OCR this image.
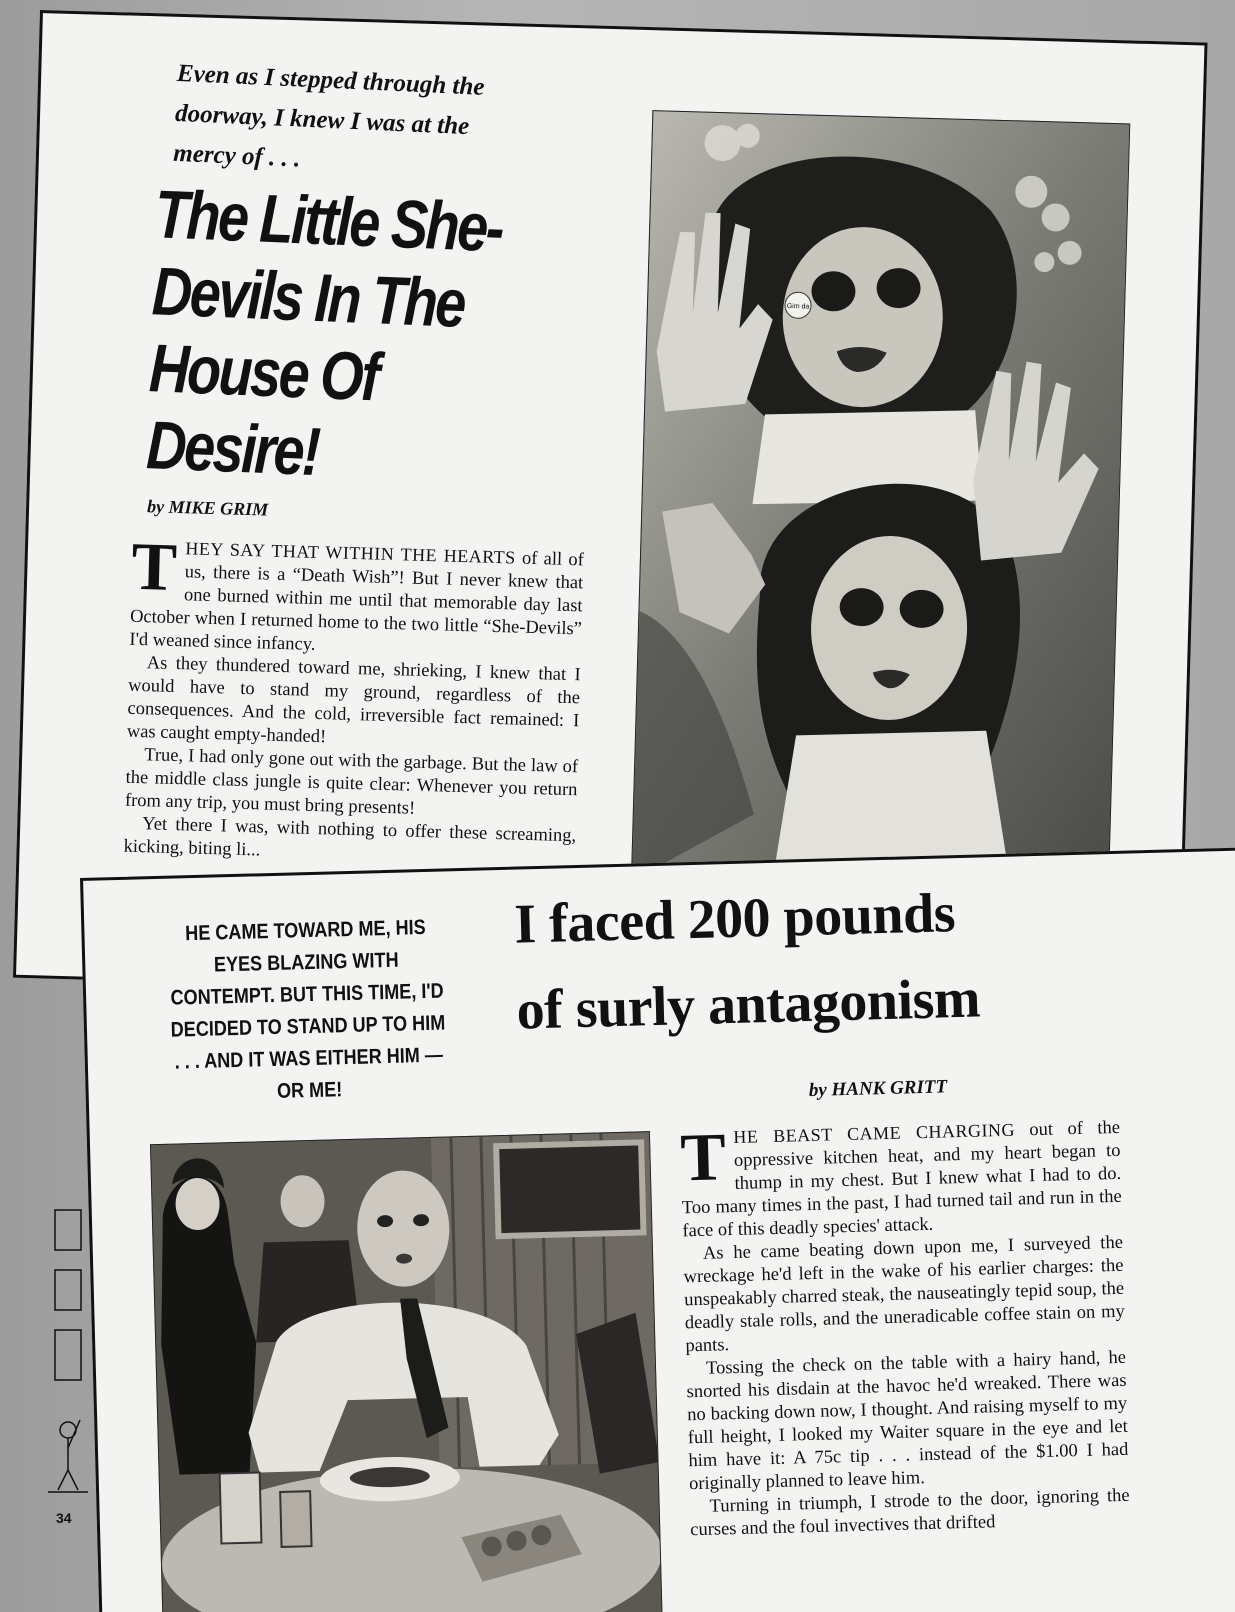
Even as I stepped through the doorway, I knew I was at the mercy of . . .
The Little She-Devils In The House Of Desire!
by MIKE GRIM

T HEY SAY THAT WITHIN THE HEARTS of all of us, there is a “Death Wish”! But I never knew that one burned within me until that memorable day last October when I returned home to the two little “She-Devils” I'd weaned since infancy.

As they thundered toward me, shrieking, I knew that I would have to stand my ground, regardless of the consequences. And the cold, irreversible fact remained: I was caught empty-handed!

True, I had only gone out with the garbage. But the law of the middle class jungle is quite clear: Whenever you return from any trip, you must bring presents!

Yet there I was, with nothing to offer these screaming, kicking, biting li...

Gim da
HE CAME TOWARD ME, HIS EYES BLAZING WITH CONTEMPT. BUT THIS TIME, I'D DECIDED TO STAND UP TO HIM . . . AND IT WAS EITHER HIM — OR ME!
I faced 200 pounds
of surly antagonism
by HANK GRITT

T HE BEAST CAME CHARGING out of the oppressive kitchen heat, and my heart began to thump in my chest. But I knew what I had to do. Too many times in the past, I had turned tail and run in the face of this deadly species' attack.

As he came beating down upon me, I surveyed the wreckage he'd left in the wake of his earlier charges: the unspeakably charred steak, the nauseatingly tepid soup, the deadly stale rolls, and the uneradicable coffee stain on my pants.

Tossing the check on the table with a hairy hand, he snorted his disdain at the havoc he'd wreaked. There was no backing down now, I thought. And raising myself to my full height, I looked my Waiter square in the eye and let him have it: A 75c tip . . . instead of the $1.00 I had originally planned to leave him.

Turning in triumph, I strode to the door, ignoring the curses and the foul invectives that drifted

34
